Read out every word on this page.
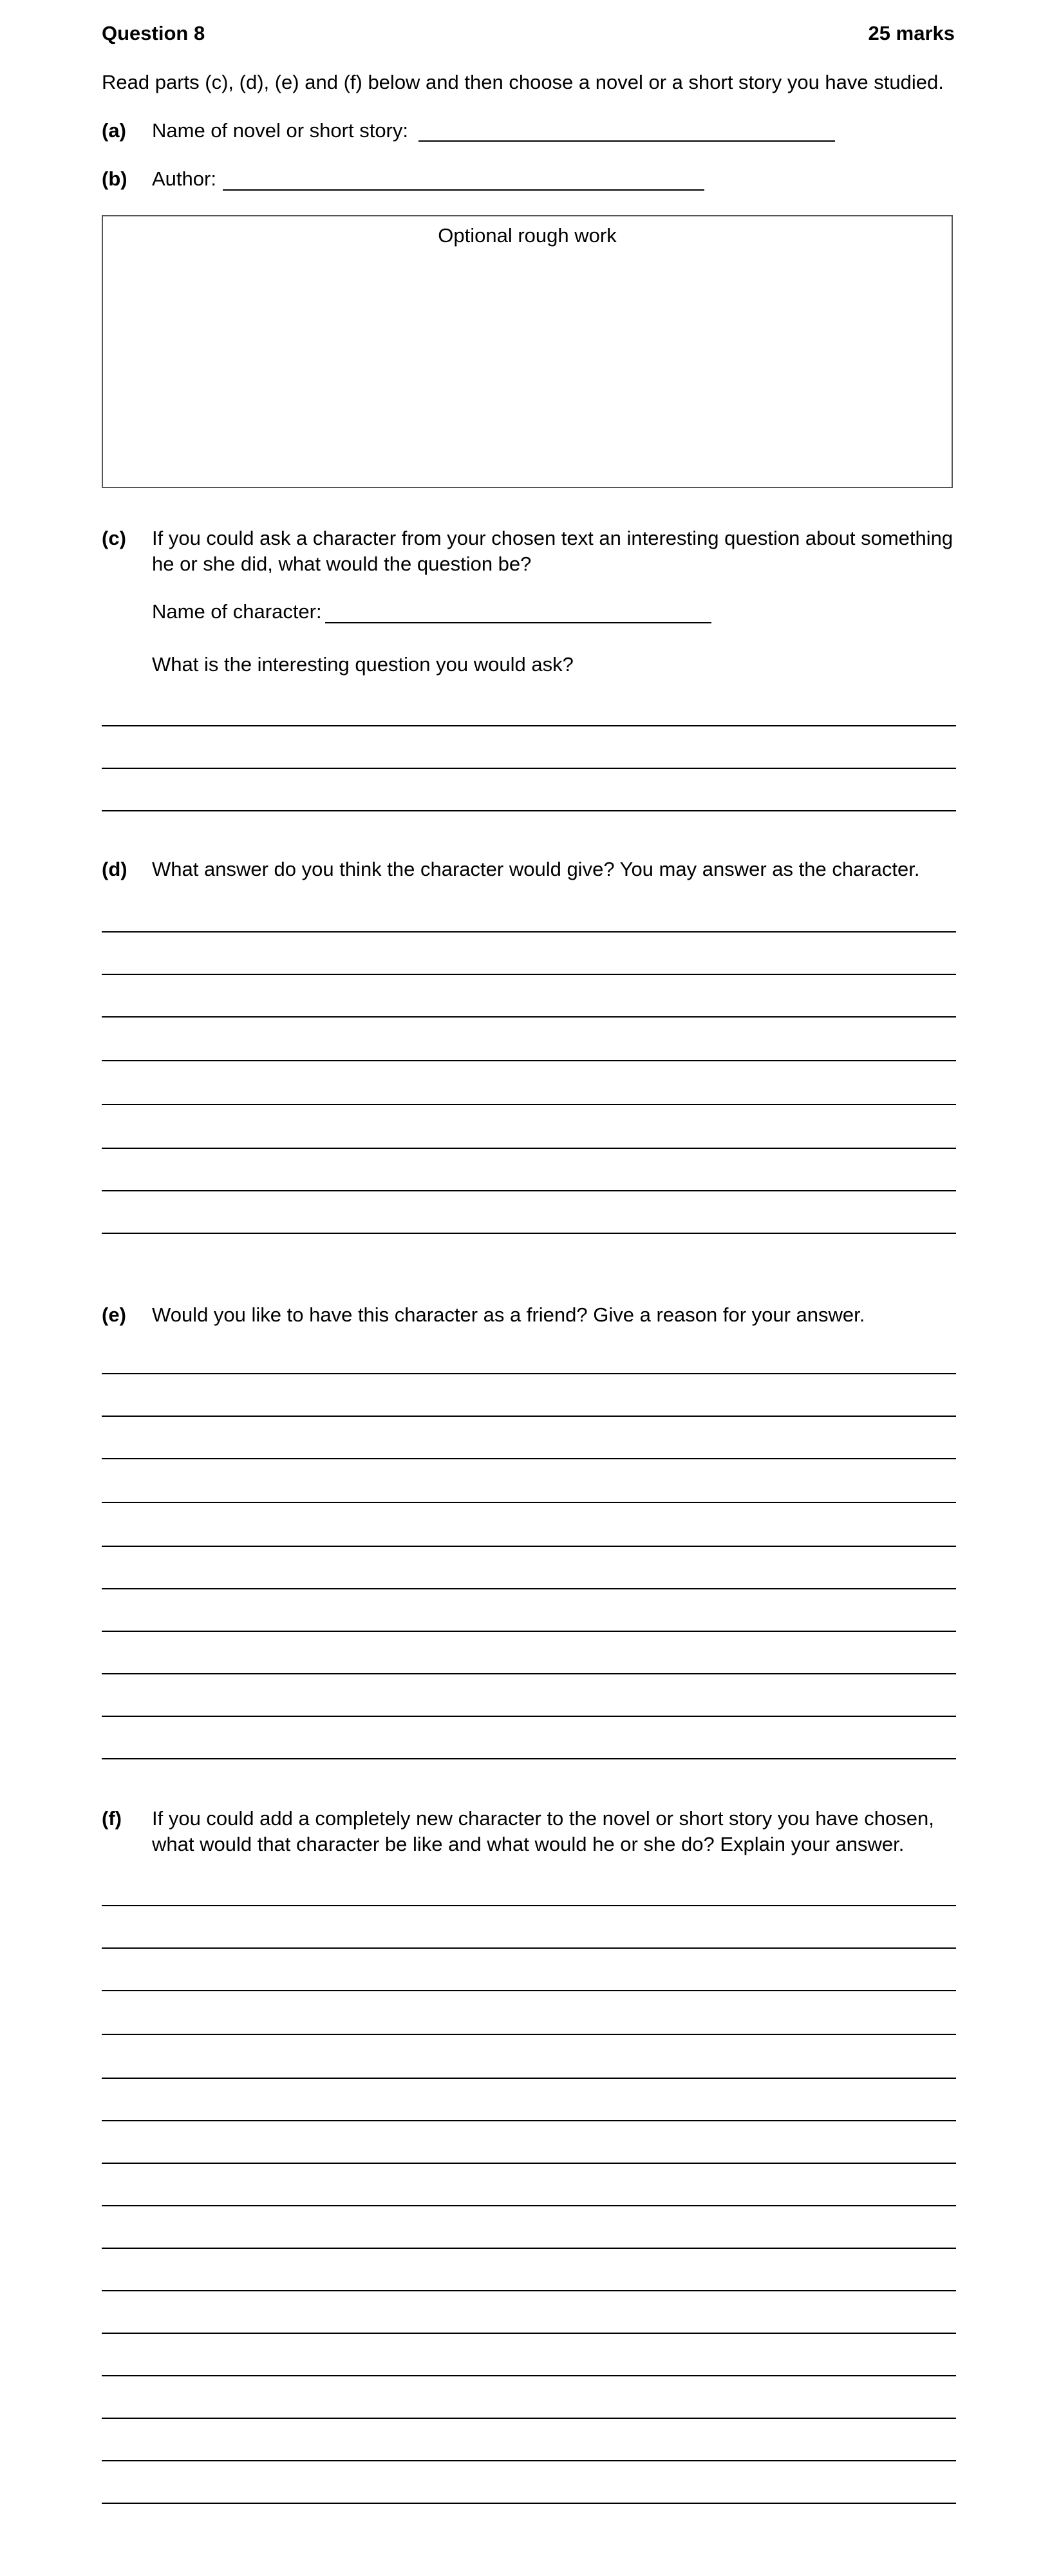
Question 8	25 marks
Read parts (c), (d), (e) and (f) below and then choose a novel or a short story you have studied.
(a) Name of novel or short story:
(b) Author:
Optional rough work
(c) If you could ask a character from your chosen text an interesting question about something
he or she did, what would the question be?
Name of character:
What is the interesting question you would ask?
(d) What answer do you think the character would give? You may answer as the character.
(e) Would you like to have this character as a friend? Give a reason for your answer.
(f) If you could add a completely new character to the novel or short story you have chosen,
what would that character be like and what would he or she do? Explain your answer.
